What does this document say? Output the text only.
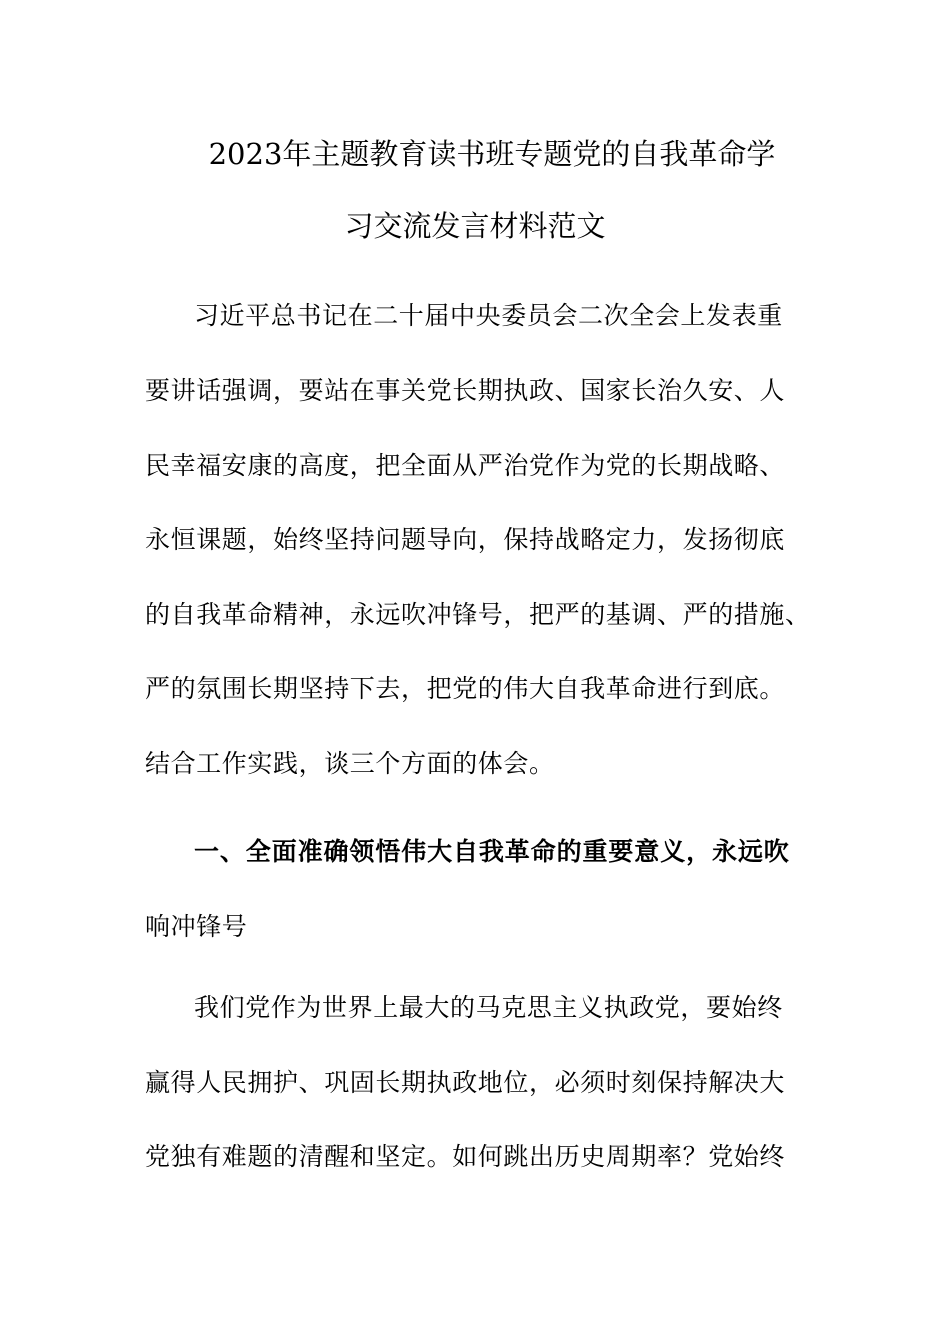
2023年主题教育读书班专题党的自我革命学
习交流发言材料范文
习近平总书记在二十届中央委员会二次全会上发表重
要讲话强调，要站在事关党长期执政、国家长治久安、人
民幸福安康的高度，把全面从严治党作为党的长期战略、
永恒课题，始终坚持问题导向，保持战略定力，发扬彻底
的自我革命精神，永远吹冲锋号，把严的基调、严的措施、
严的氛围长期坚持下去，把党的伟大自我革命进行到底。
结合工作实践，谈三个方面的体会。
一、全面准确领悟伟大自我革命的重要意义，永远吹
响冲锋号
我们党作为世界上最大的马克思主义执政党，要始终
赢得人民拥护、巩固长期执政地位，必须时刻保持解决大
党独有难题的清醒和坚定。如何跳出历史周期率？党始终
